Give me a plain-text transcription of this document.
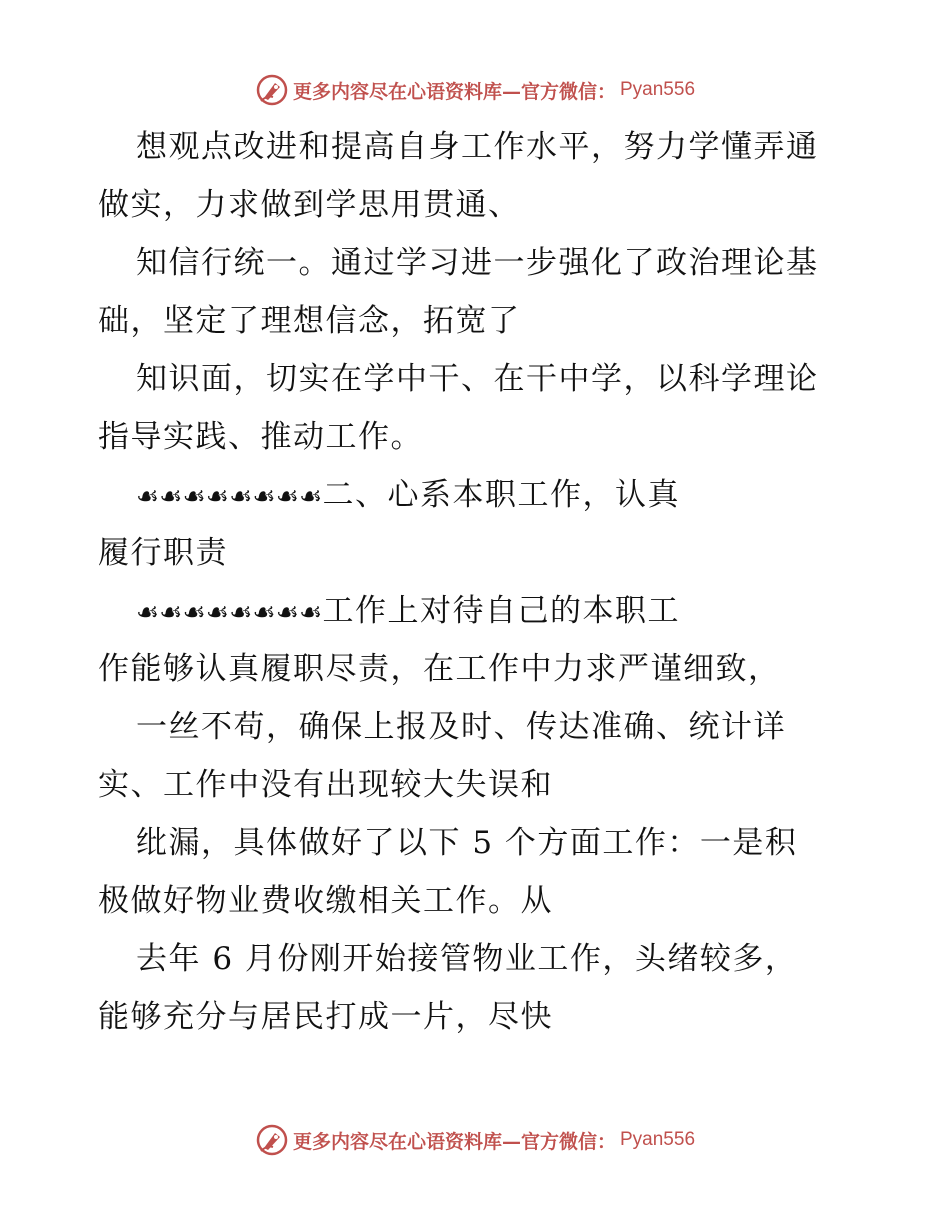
更多内容尽在心语资料库—官方微信： Pyan556
想观点改进和提高自身工作水平，努力学懂弄通
做实，力求做到学思用贯通、
知信行统一。通过学习进一步强化了政治理论基
础，坚定了理想信念，拓宽了
知识面，切实在学中干、在干中学，以科学理论
指导实践、推动工作。
☙☙☙☙☙☙☙☙二、心系本职工作，认真
履行职责
☙☙☙☙☙☙☙☙工作上对待自己的本职工
作能够认真履职尽责，在工作中力求严谨细致，
一丝不苟，确保上报及时、传达准确、统计详
实、工作中没有出现较大失误和
纰漏，具体做好了以下 5 个方面工作：一是积
极做好物业费收缴相关工作。从
去年 6 月份刚开始接管物业工作，头绪较多，
能够充分与居民打成一片，尽快
更多内容尽在心语资料库—官方微信： Pyan556
